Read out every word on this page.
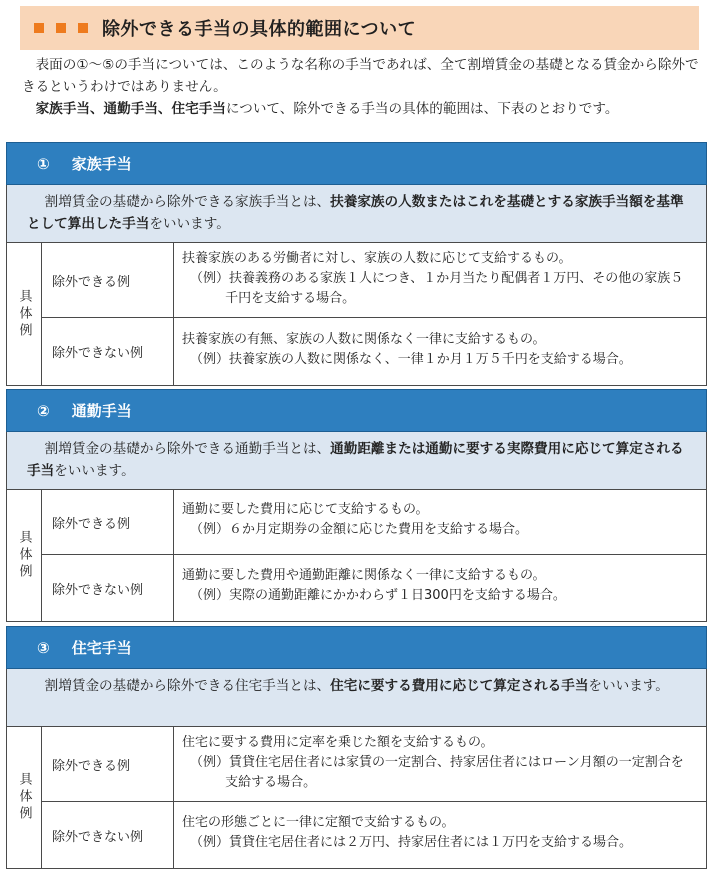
除外できる手当の具体的範囲について

表面の①～⑤の手当については、このような名称の手当であれば、全て割増賃金の基礎となる賃金から除外できるというわけではありません。

家族手当、通勤手当、住宅手当について、除外できる手当の具体的範囲は、下表のとおりです。

① 家族手当
割増賃金の基礎から除外できる家族手当とは、扶養家族の人数またはこれを基礎とする家族手当額を基準として算出した手当をいいます。
具体例
除外できる例
扶養家族のある労働者に対し、家族の人数に応じて支給するもの。
（例）扶養義務のある家族１人につき、１か月当たり配偶者１万円、その他の家族５千円を支給する場合。
除外できない例
扶養家族の有無、家族の人数に関係なく一律に支給するもの。
（例）扶養家族の人数に関係なく、一律１か月１万５千円を支給する場合。
② 通勤手当
割増賃金の基礎から除外できる通勤手当とは、通勤距離または通勤に要する実際費用に応じて算定される手当をいいます。
具体例
除外できる例
通勤に要した費用に応じて支給するもの。
（例）６か月定期券の金額に応じた費用を支給する場合。
除外できない例
通勤に要した費用や通勤距離に関係なく一律に支給するもの。
（例）実際の通勤距離にかかわらず１日300円を支給する場合。
③ 住宅手当
割増賃金の基礎から除外できる住宅手当とは、住宅に要する費用に応じて算定される手当をいいます。
具体例
除外できる例
住宅に要する費用に定率を乗じた額を支給するもの。
（例）賃貸住宅居住者には家賃の一定割合、持家居住者にはローン月額の一定割合を支給する場合。
除外できない例
住宅の形態ごとに一律に定額で支給するもの。
（例）賃貸住宅居住者には２万円、持家居住者には１万円を支給する場合。
